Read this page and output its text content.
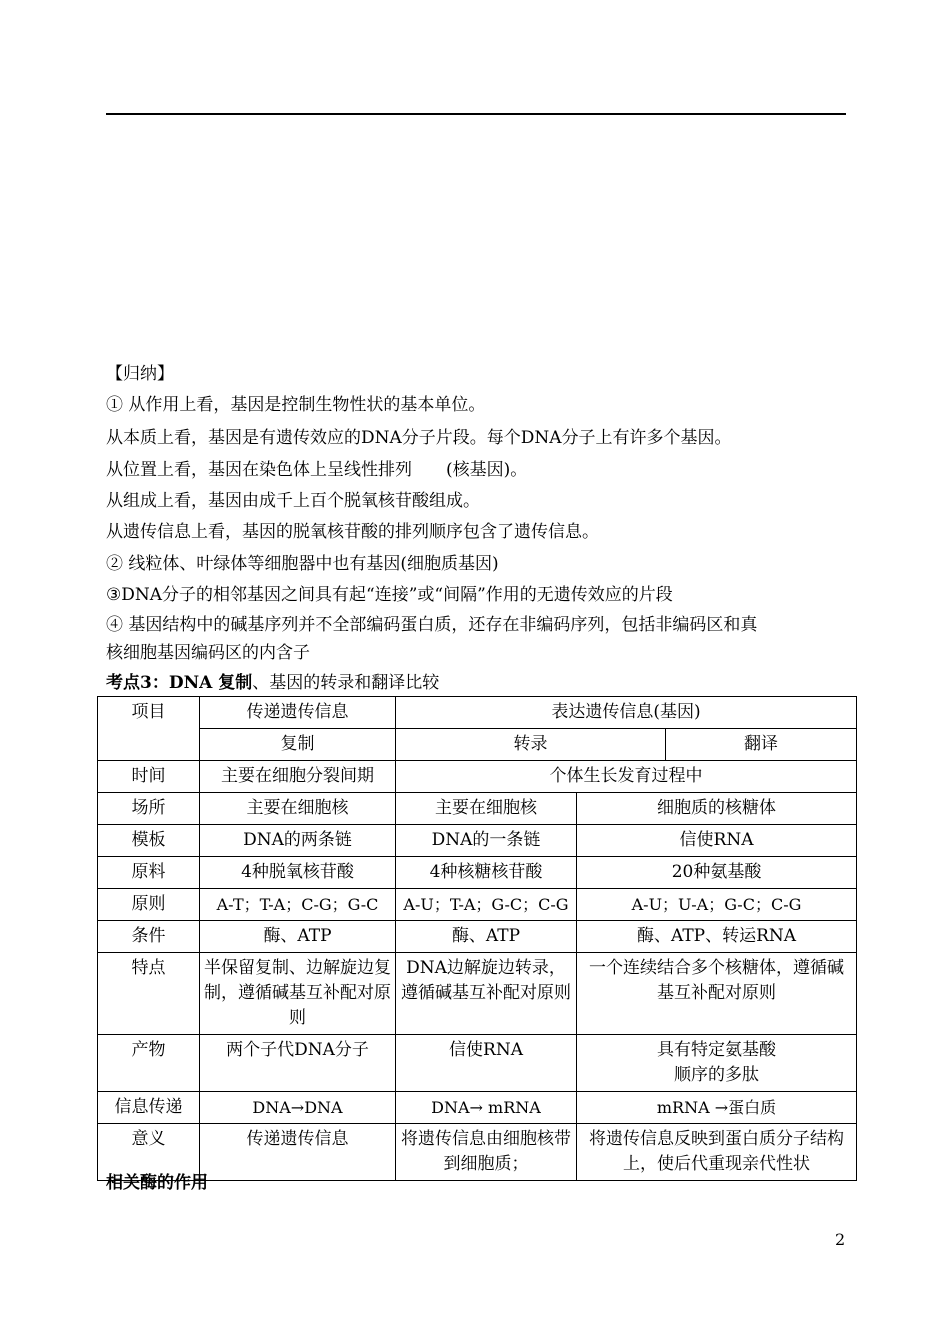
【归纳】
① 从作用上看，基因是控制生物性状的基本单位。
从本质上看，基因是有遗传效应的DNA分子片段。每个DNA分子上有许多个基因。
从位置上看，基因在染色体上呈线性排列　　(核基因)。
从组成上看，基因由成千上百个脱氧核苷酸组成。
从遗传信息上看，基因的脱氧核苷酸的排列顺序包含了遗传信息。
② 线粒体、叶绿体等细胞器中也有基因(细胞质基因)
③DNA分子的相邻基因之间具有起“连接”或“间隔”作用的无遗传效应的片段
④ 基因结构中的碱基序列并不全部编码蛋白质，还存在非编码序列，包括非编码区和真
核细胞基因编码区的内含子
考点3：DNA 复制、基因的转录和翻译比较
项目	传递遗传信息	表达遗传信息(基因)		
	复制	转录		翻译
时间	主要在细胞分裂间期	个体生长发育过程中		
场所	主要在细胞核	主要在细胞核	细胞质的核糖体	
模板	DNA的两条链	DNA的一条链	信使RNA	
原料	4种脱氧核苷酸	4种核糖核苷酸	20种氨基酸	
原则	A-T；T-A；C-G；G-C	A-U；T-A；G-C；C-G	A-U；U-A；G-C；C-G	
条件	酶、ATP	酶、ATP	酶、ATP、转运RNA	
特点	半保留复制、边解旋边复制，遵循碱基互补配对原则	DNA边解旋边转录，遵循碱基互补配对原则	一个连续结合多个核糖体，遵循碱基互补配对原则	
产物	两个子代DNA分子	信使RNA	具有特定氨基酸顺序的多肽	

信息传递	DNA→DNA	DNA→ mRNA	mRNA →蛋白质	
意义	传递遗传信息	将遗传信息由细胞核带到细胞质；	将遗传信息反映到蛋白质分子结构上，使后代重现亲代性状	
相关酶的作用
2
